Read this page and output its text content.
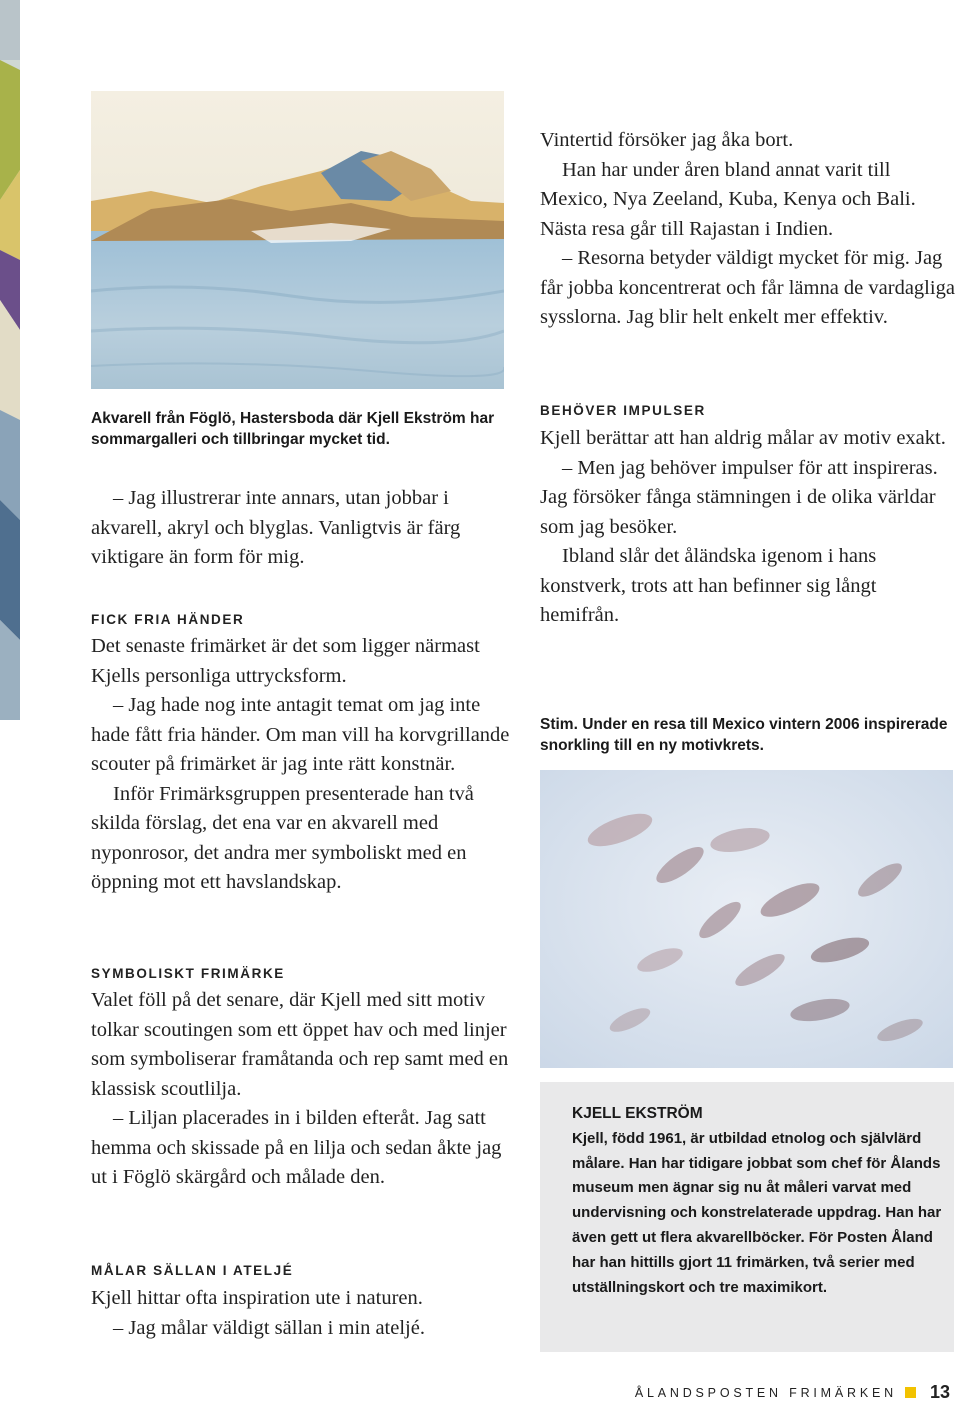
Akvarell från Föglö, Hastersboda där Kjell Ekström har sommargalleri och tillbringar mycket tid.

– Jag illustrerar inte annars, utan jobbar i akvarell, akryl och blyglas. Vanligtvis är färg viktigare än form för mig.

FICK FRIA HÄNDER

Det senaste frimärket är det som ligger närmast Kjells personliga uttrycksform.

– Jag hade nog inte antagit temat om jag inte hade fått fria händer. Om man vill ha korvgrillande scouter på frimärket är jag inte rätt konstnär.

Inför Frimärksgruppen presenterade han två skilda förslag, det ena var en akvarell med nyponrosor, det andra mer symboliskt med en öppning mot ett havslandskap.

SYMBOLISKT FRIMÄRKE

Valet föll på det senare, där Kjell med sitt motiv tolkar scoutingen som ett öppet hav och med linjer som symboliserar framåtanda och rep samt med en klassisk scoutlilja.

– Liljan placerades in i bilden efteråt. Jag satt hemma och skissade på en lilja och sedan åkte jag ut i Föglö skärgård och målade den.

MÅLAR SÄLLAN I ATELJÉ

Kjell hittar ofta inspiration ute i naturen.

– Jag målar väldigt sällan i min ateljé.

Vintertid försöker jag åka bort.

Han har under åren bland annat varit till Mexico, Nya Zeeland, Kuba, Kenya och Bali. Nästa resa går till Rajastan i Indien.

– Resorna betyder väldigt mycket för mig. Jag får jobba koncentrerat och får lämna de vardagliga sysslorna. Jag blir helt enkelt mer effektiv.

BEHÖVER IMPULSER

Kjell berättar att han aldrig målar av motiv exakt.

– Men jag behöver impulser för att inspireras. Jag försöker fånga stämningen i de olika världar som jag besöker.

Ibland slår det åländska igenom i hans konstverk, trots att han befinner sig långt hemifrån.

Stim. Under en resa till Mexico vintern 2006 inspirerade snorkling till en ny motivkrets.
KJELL EKSTRÖM
Kjell, född 1961, är utbildad etnolog och självlärd målare. Han har tidigare jobbat som chef för Ålands museum men ägnar sig nu åt måleri varvat med undervisning och konstrelaterade uppdrag. Han har även gett ut flera akvarellböcker. För Posten Åland har han hittills gjort 11 frimärken, två serier med utställningskort och tre maximikort.
ÅLANDSPOSTEN FRIMÄRKEN 13
